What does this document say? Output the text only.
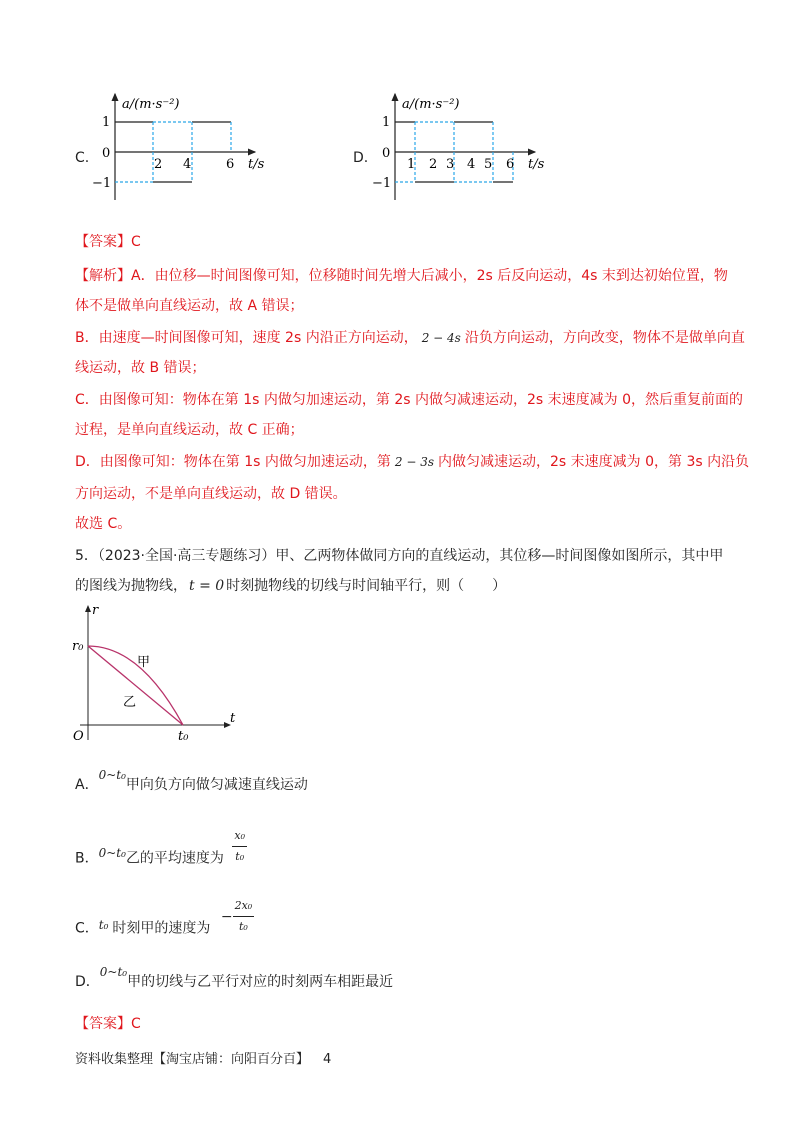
C.
a/(m·s⁻²)
1
0
−1
2 4	6 t/s	D.
a/(m·s⁻²)
1
0
−1
1 2 3 4 5 6 t/s
【答案】C
【解析】A．由位移—时间图像可知，位移随时间先增大后减小，2s 后反向运动，4s 末到达初始位置，物
体不是做单向直线运动，故 A 错误；
B．由速度—时间图像可知，速度 2s 内沿正方向运动， 2 − 4s 沿负方向运动，方向改变，物体不是做单向直
线运动，故 B 错误；
C．由图像可知：物体在第 1s 内做匀加速运动，第 2s 内做匀减速运动，2s 末速度减为 0，然后重复前面的
过程，是单向直线运动，故 C 正确；
D．由图像可知：物体在第 1s 内做匀加速运动，第 2 − 3s 内做匀减速运动，2s 末速度减为 0，第 3s 内沿负
方向运动，不是单向直线运动，故 D 错误。
故选 C。
5．（2023·全国·高三专题练习）甲、乙两物体做同方向的直线运动，其位移—时间图像如图所示，其中甲
的图线为抛物线， t = 0 时刻抛物线的切线与时间轴平行，则（　　）
r
r₀
t
O	t₀
甲
乙
A．0~t₀甲向负方向做匀减速直线运动
B．0~t₀乙的平均速度为 $\frac{\text{x₀}}{\text{t₀}}$
C．t₀ 时刻甲的速度为 − $\frac{\text{2x₀}}{\text{t₀}}$
D．0~t₀甲的切线与乙平行对应的时刻两车相距最近
【答案】C
资料收集整理【淘宝店铺：向阳百分百】 4
